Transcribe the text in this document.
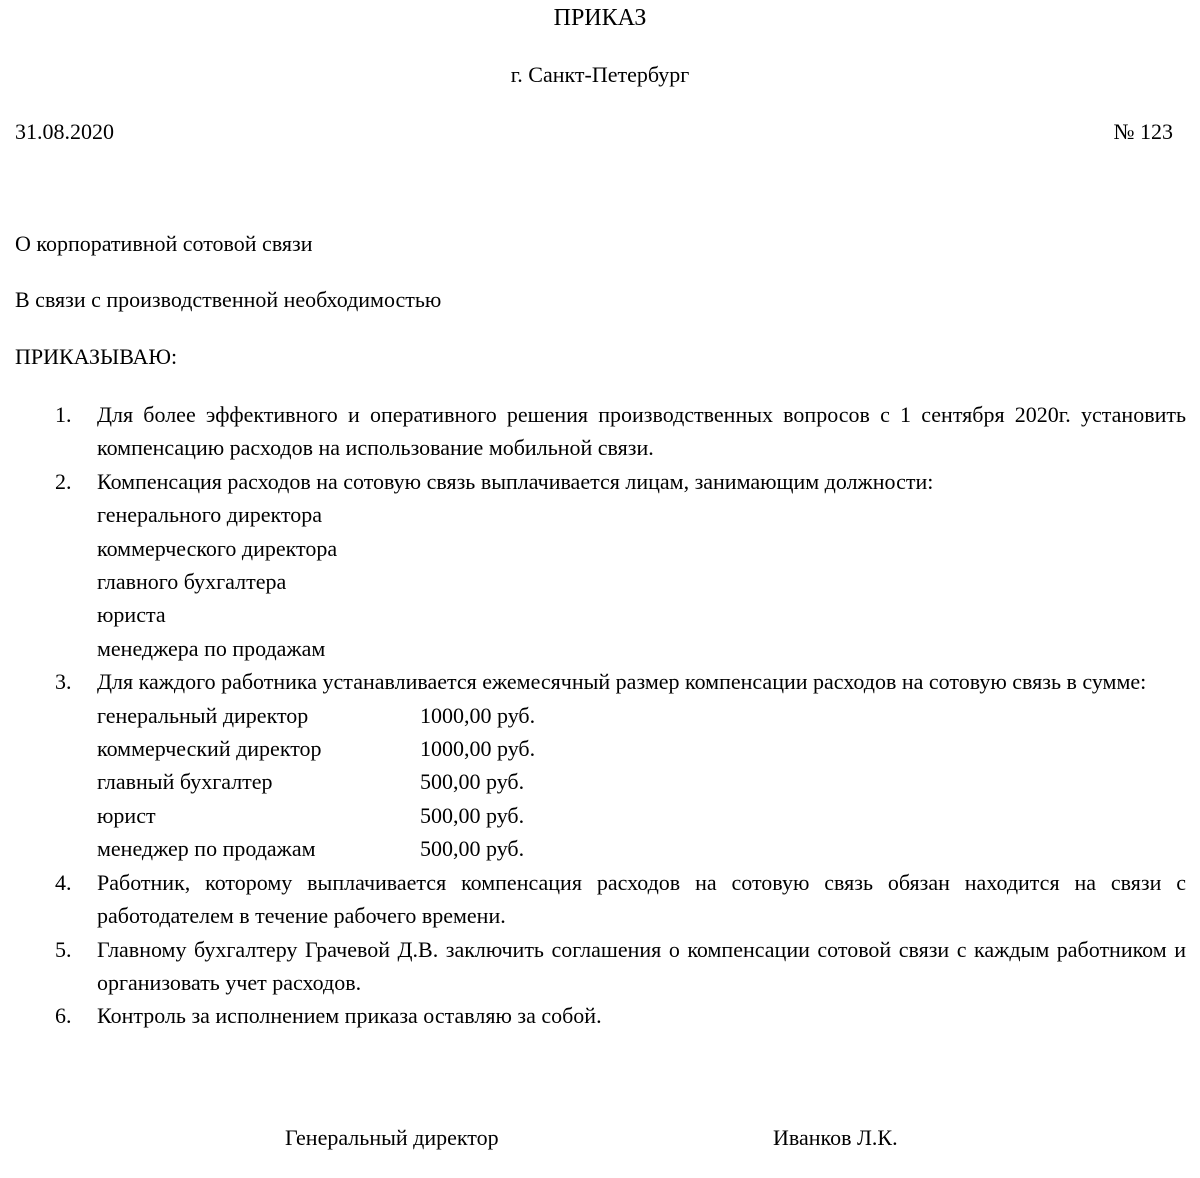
ПРИКАЗ
г. Санкт-Петербург
31.08.2020	№ 123
О корпоративной сотовой связи
В связи с производственной необходимостью
ПРИКАЗЫВАЮ:
1. Для более эффективного и оперативного решения производственных вопросов с 1 сентября 2020г. установить компенсацию расходов на использование мобильной связи.
2. Компенсация расходов на сотовую связь выплачивается лицам, занимающим должности:
генерального директора
коммерческого директора
главного бухгалтера
юриста
менеджера по продажам
3. Для каждого работника устанавливается ежемесячный размер компенсации расходов на сотовую связь в сумме:
генеральный директор	1000,00 руб.
коммерческий директор	1000,00 руб.
главный бухгалтер	500,00 руб.
юрист	500,00 руб.
менеджер по продажам	500,00 руб.
4. Работник, которому выплачивается компенсация расходов на сотовую связь обязан находится на связи с работодателем в течение рабочего времени.
5. Главному бухгалтеру Грачевой Д.В. заключить соглашения о компенсации сотовой связи с каждым работником и организовать учет расходов.
6. Контроль за исполнением приказа оставляю за собой.
Генеральный директор	Иванков Л.К.
